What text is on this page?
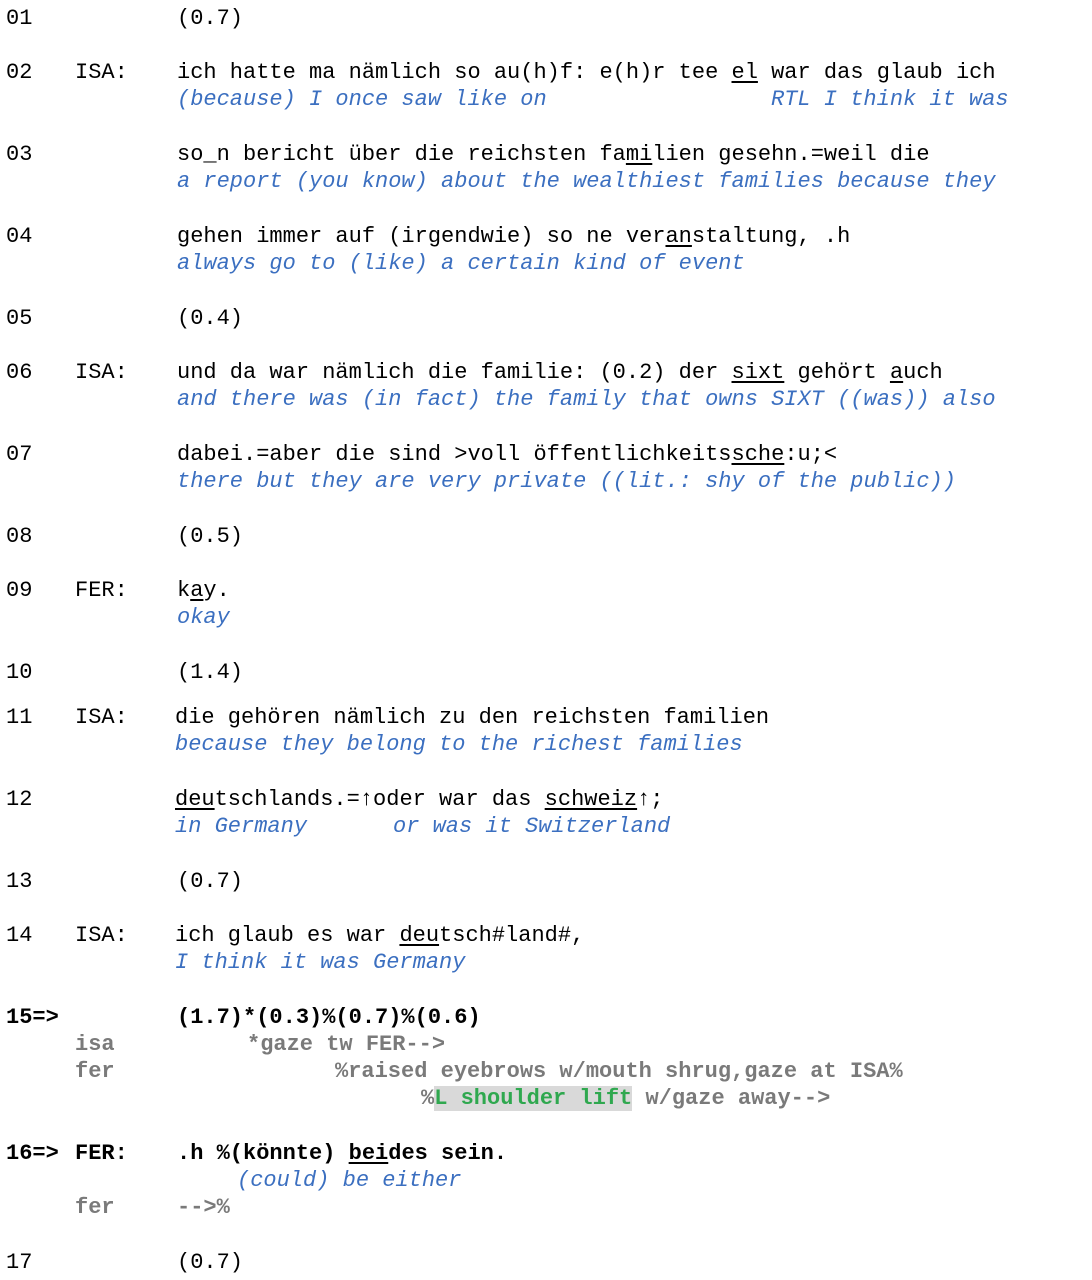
01	(0.7)
02 ISA: ich hatte ma nämlich so au(h)f: e(h)r tee el war das glaub ich
(because) I once saw like on	RTL I think it was
03	so_n bericht über die reichsten familien gesehn.=weil die
a report (you know) about the wealthiest families because they
04	gehen immer auf (irgendwie) so ne veranstaltung, .h
always go to (like) a certain kind of event
05	(0.4)
06 ISA: und da war nämlich die familie: (0.2) der sixt gehört auch
and there was (in fact) the family that owns SIXT ((was)) also
07	dabei.=aber die sind >voll öffentlichkeitssche:u;<
there but they are very private ((lit.: shy of the public))
08	(0.5)
09 FER: kay.
okay
10	(1.4)
11 ISA: die gehören nämlich zu den reichsten familien
because they belong to the richest families
12	deutschlands.=↑oder war das schweiz↑;
in Germany	or was it Switzerland
13	(0.7)
14 ISA: ich glaub es war deutsch#land#,
I think it was Germany
15=>	(1.7)*(0.3)%(0.7)%(0.6)
isa	*gaze tw FER-->
fer	%raised eyebrows w/mouth shrug,gaze at ISA%
%L shoulder lift w/gaze away-->
16=> FER: .h %(könnte) beides sein.
(could) be either
fer	-->%
17	(0.7)
